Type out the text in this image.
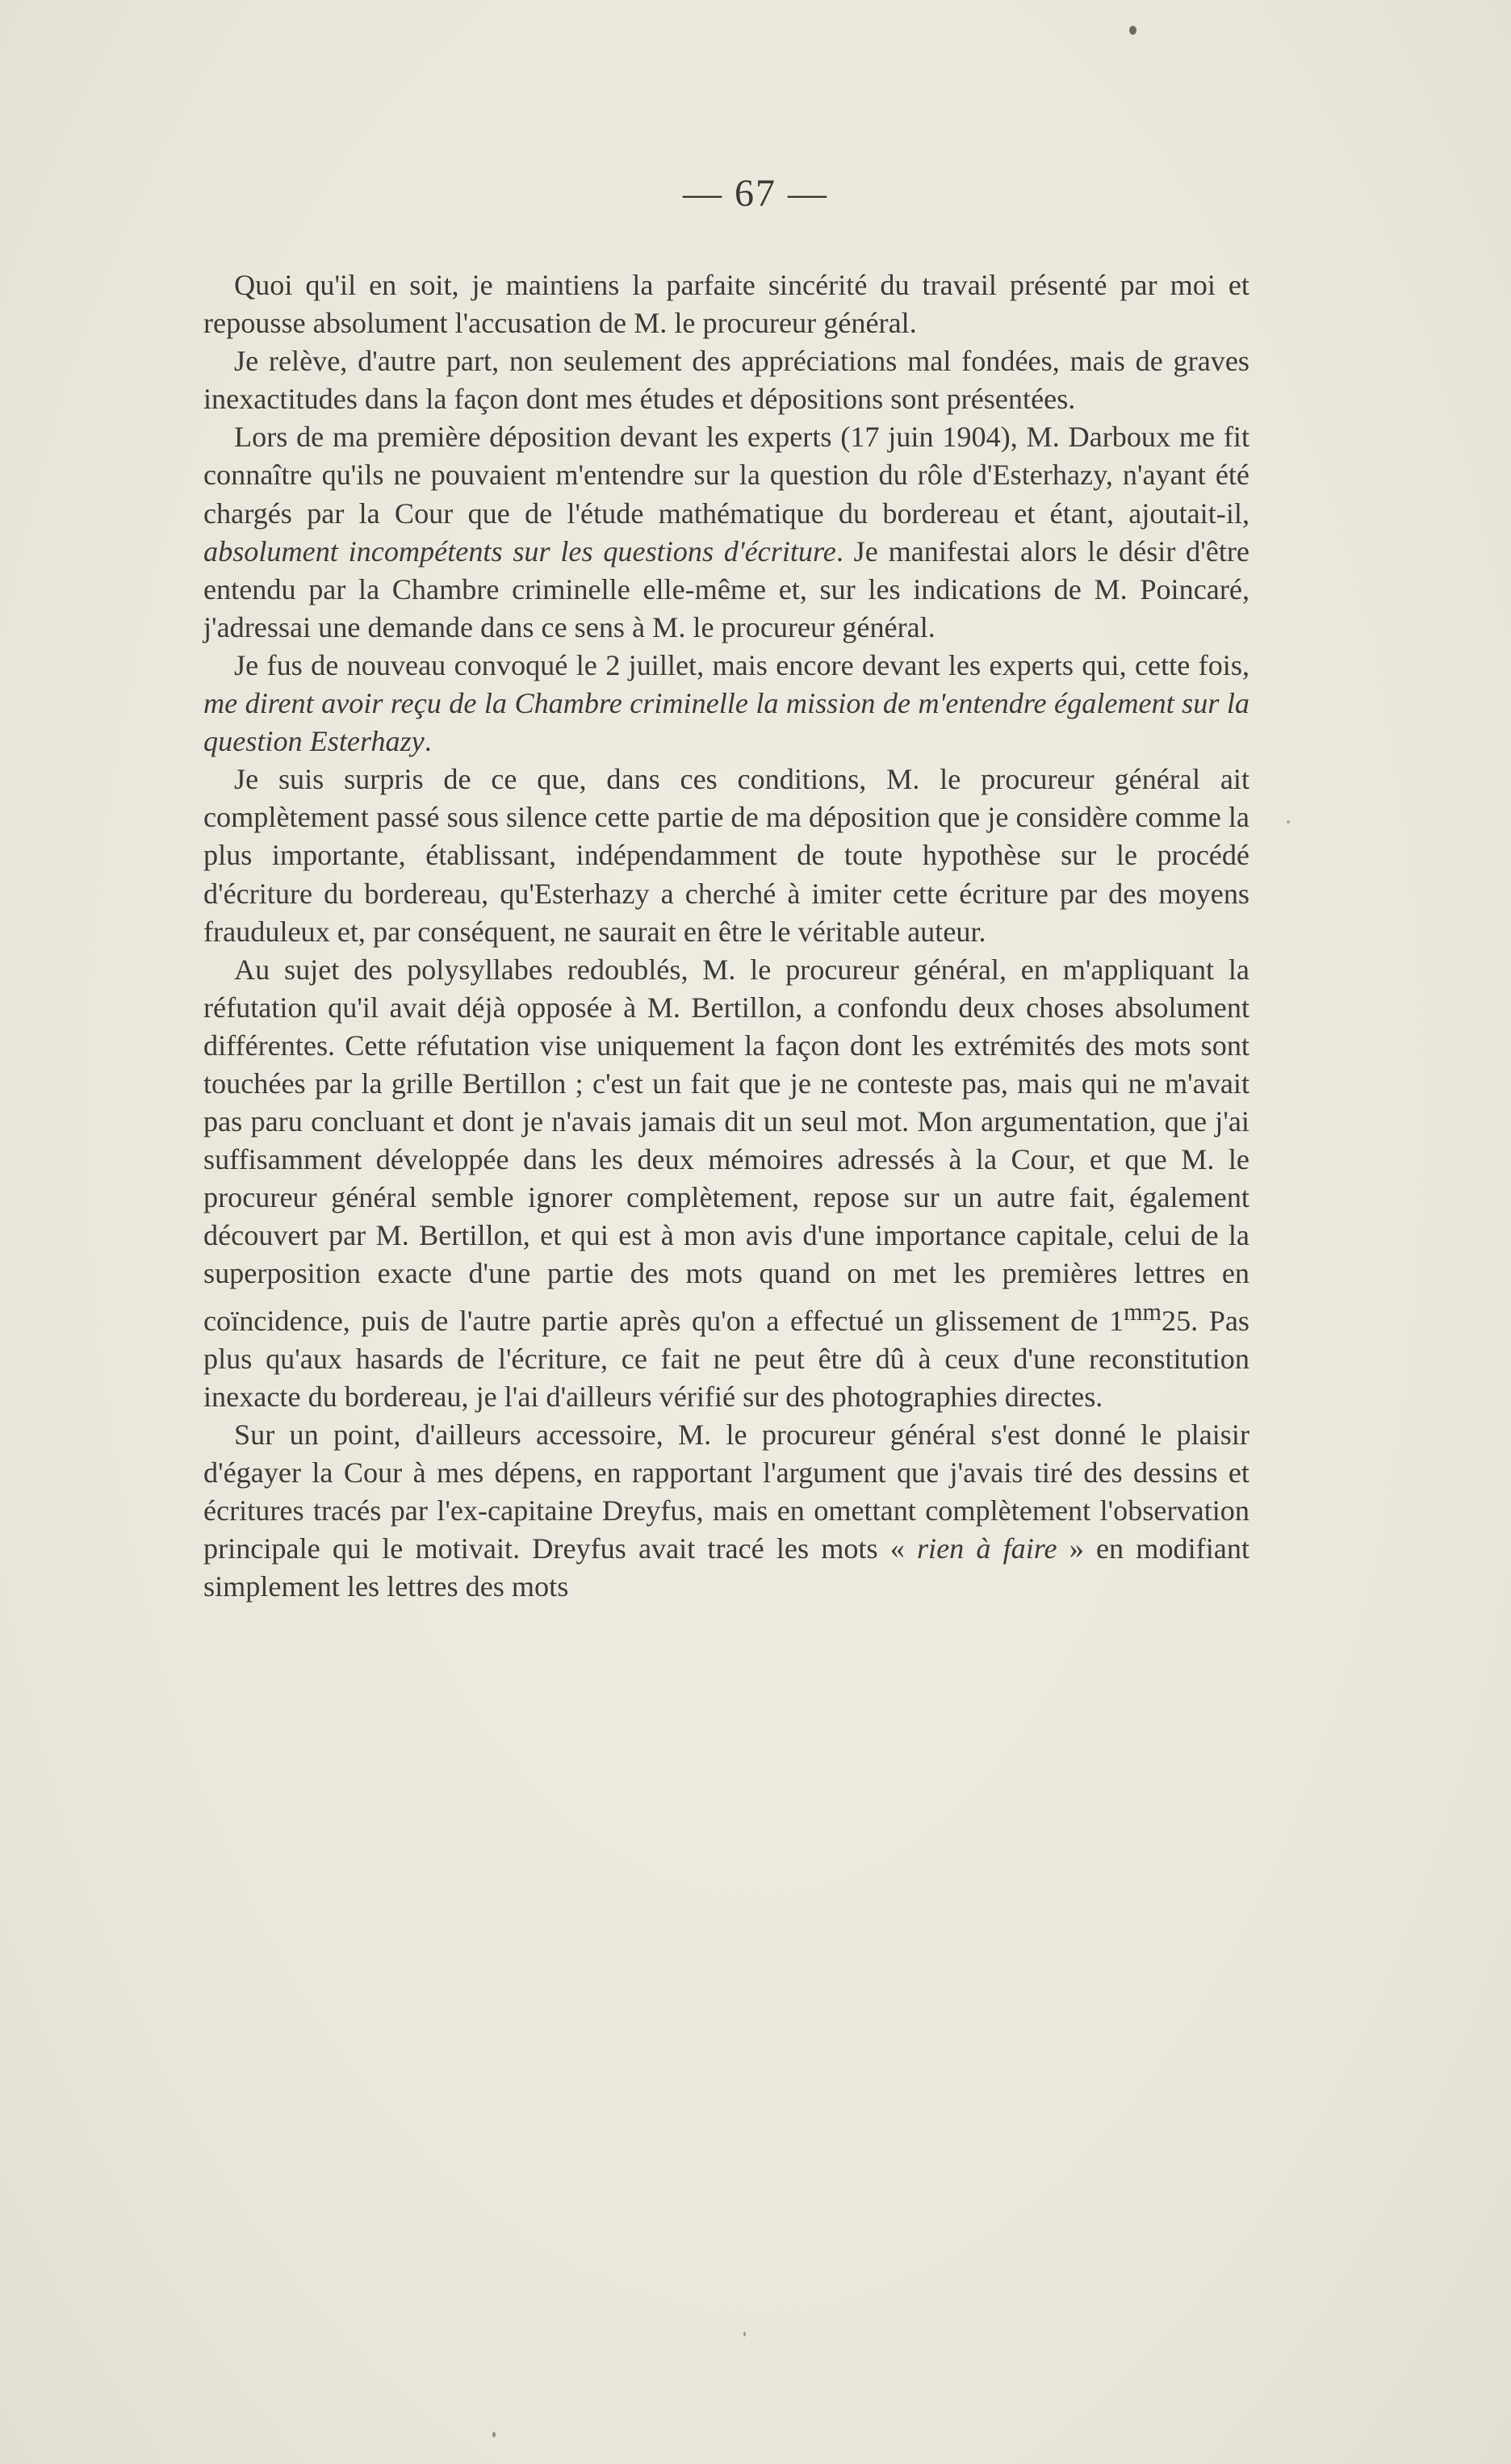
— 67 —

Quoi qu'il en soit, je maintiens la parfaite sincérité du travail présenté par moi et repousse absolument l'accusation de M. le procureur général.

Je relève, d'autre part, non seulement des appréciations mal fondées, mais de graves inexactitudes dans la façon dont mes études et dépositions sont présentées.

Lors de ma première déposition devant les experts (17 juin 1904), M. Darboux me fit connaître qu'ils ne pouvaient m'entendre sur la question du rôle d'Esterhazy, n'ayant été chargés par la Cour que de l'étude mathématique du bordereau et étant, ajoutait-il, absolument incompétents sur les questions d'écriture. Je manifestai alors le désir d'être entendu par la Chambre criminelle elle-même et, sur les indications de M. Poincaré, j'adressai une demande dans ce sens à M. le procureur général.

Je fus de nouveau convoqué le 2 juillet, mais encore devant les experts qui, cette fois, me dirent avoir reçu de la Chambre criminelle la mission de m'entendre également sur la question Esterhazy.

Je suis surpris de ce que, dans ces conditions, M. le procureur général ait complètement passé sous silence cette partie de ma déposition que je considère comme la plus importante, établissant, indépendamment de toute hypothèse sur le procédé d'écriture du bordereau, qu'Esterhazy a cherché à imiter cette écriture par des moyens frauduleux et, par conséquent, ne saurait en être le véritable auteur.

Au sujet des polysyllabes redoublés, M. le procureur général, en m'appliquant la réfutation qu'il avait déjà opposée à M. Bertillon, a confondu deux choses absolument différentes. Cette réfutation vise uniquement la façon dont les extrémités des mots sont touchées par la grille Bertillon ; c'est un fait que je ne conteste pas, mais qui ne m'avait pas paru concluant et dont je n'avais jamais dit un seul mot. Mon argumentation, que j'ai suffisamment développée dans les deux mémoires adressés à la Cour, et que M. le procureur général semble ignorer complètement, repose sur un autre fait, également découvert par M. Bertillon, et qui est à mon avis d'une importance capitale, celui de la superposition exacte d'une partie des mots quand on met les premières lettres en coïncidence, puis de l'autre partie après qu'on a effectué un glissement de $1^{mm}25$. Pas plus qu'aux hasards de l'écriture, ce fait ne peut être dû à ceux d'une reconstitution inexacte du bordereau, je l'ai d'ailleurs vérifié sur des photographies directes.

Sur un point, d'ailleurs accessoire, M. le procureur général s'est donné le plaisir d'égayer la Cour à mes dépens, en rapportant l'argument que j'avais tiré des dessins et écritures tracés par l'ex-capitaine Dreyfus, mais en omettant complètement l'observation principale qui le motivait. Dreyfus avait tracé les mots « rien à faire » en modifiant simplement les lettres des mots
